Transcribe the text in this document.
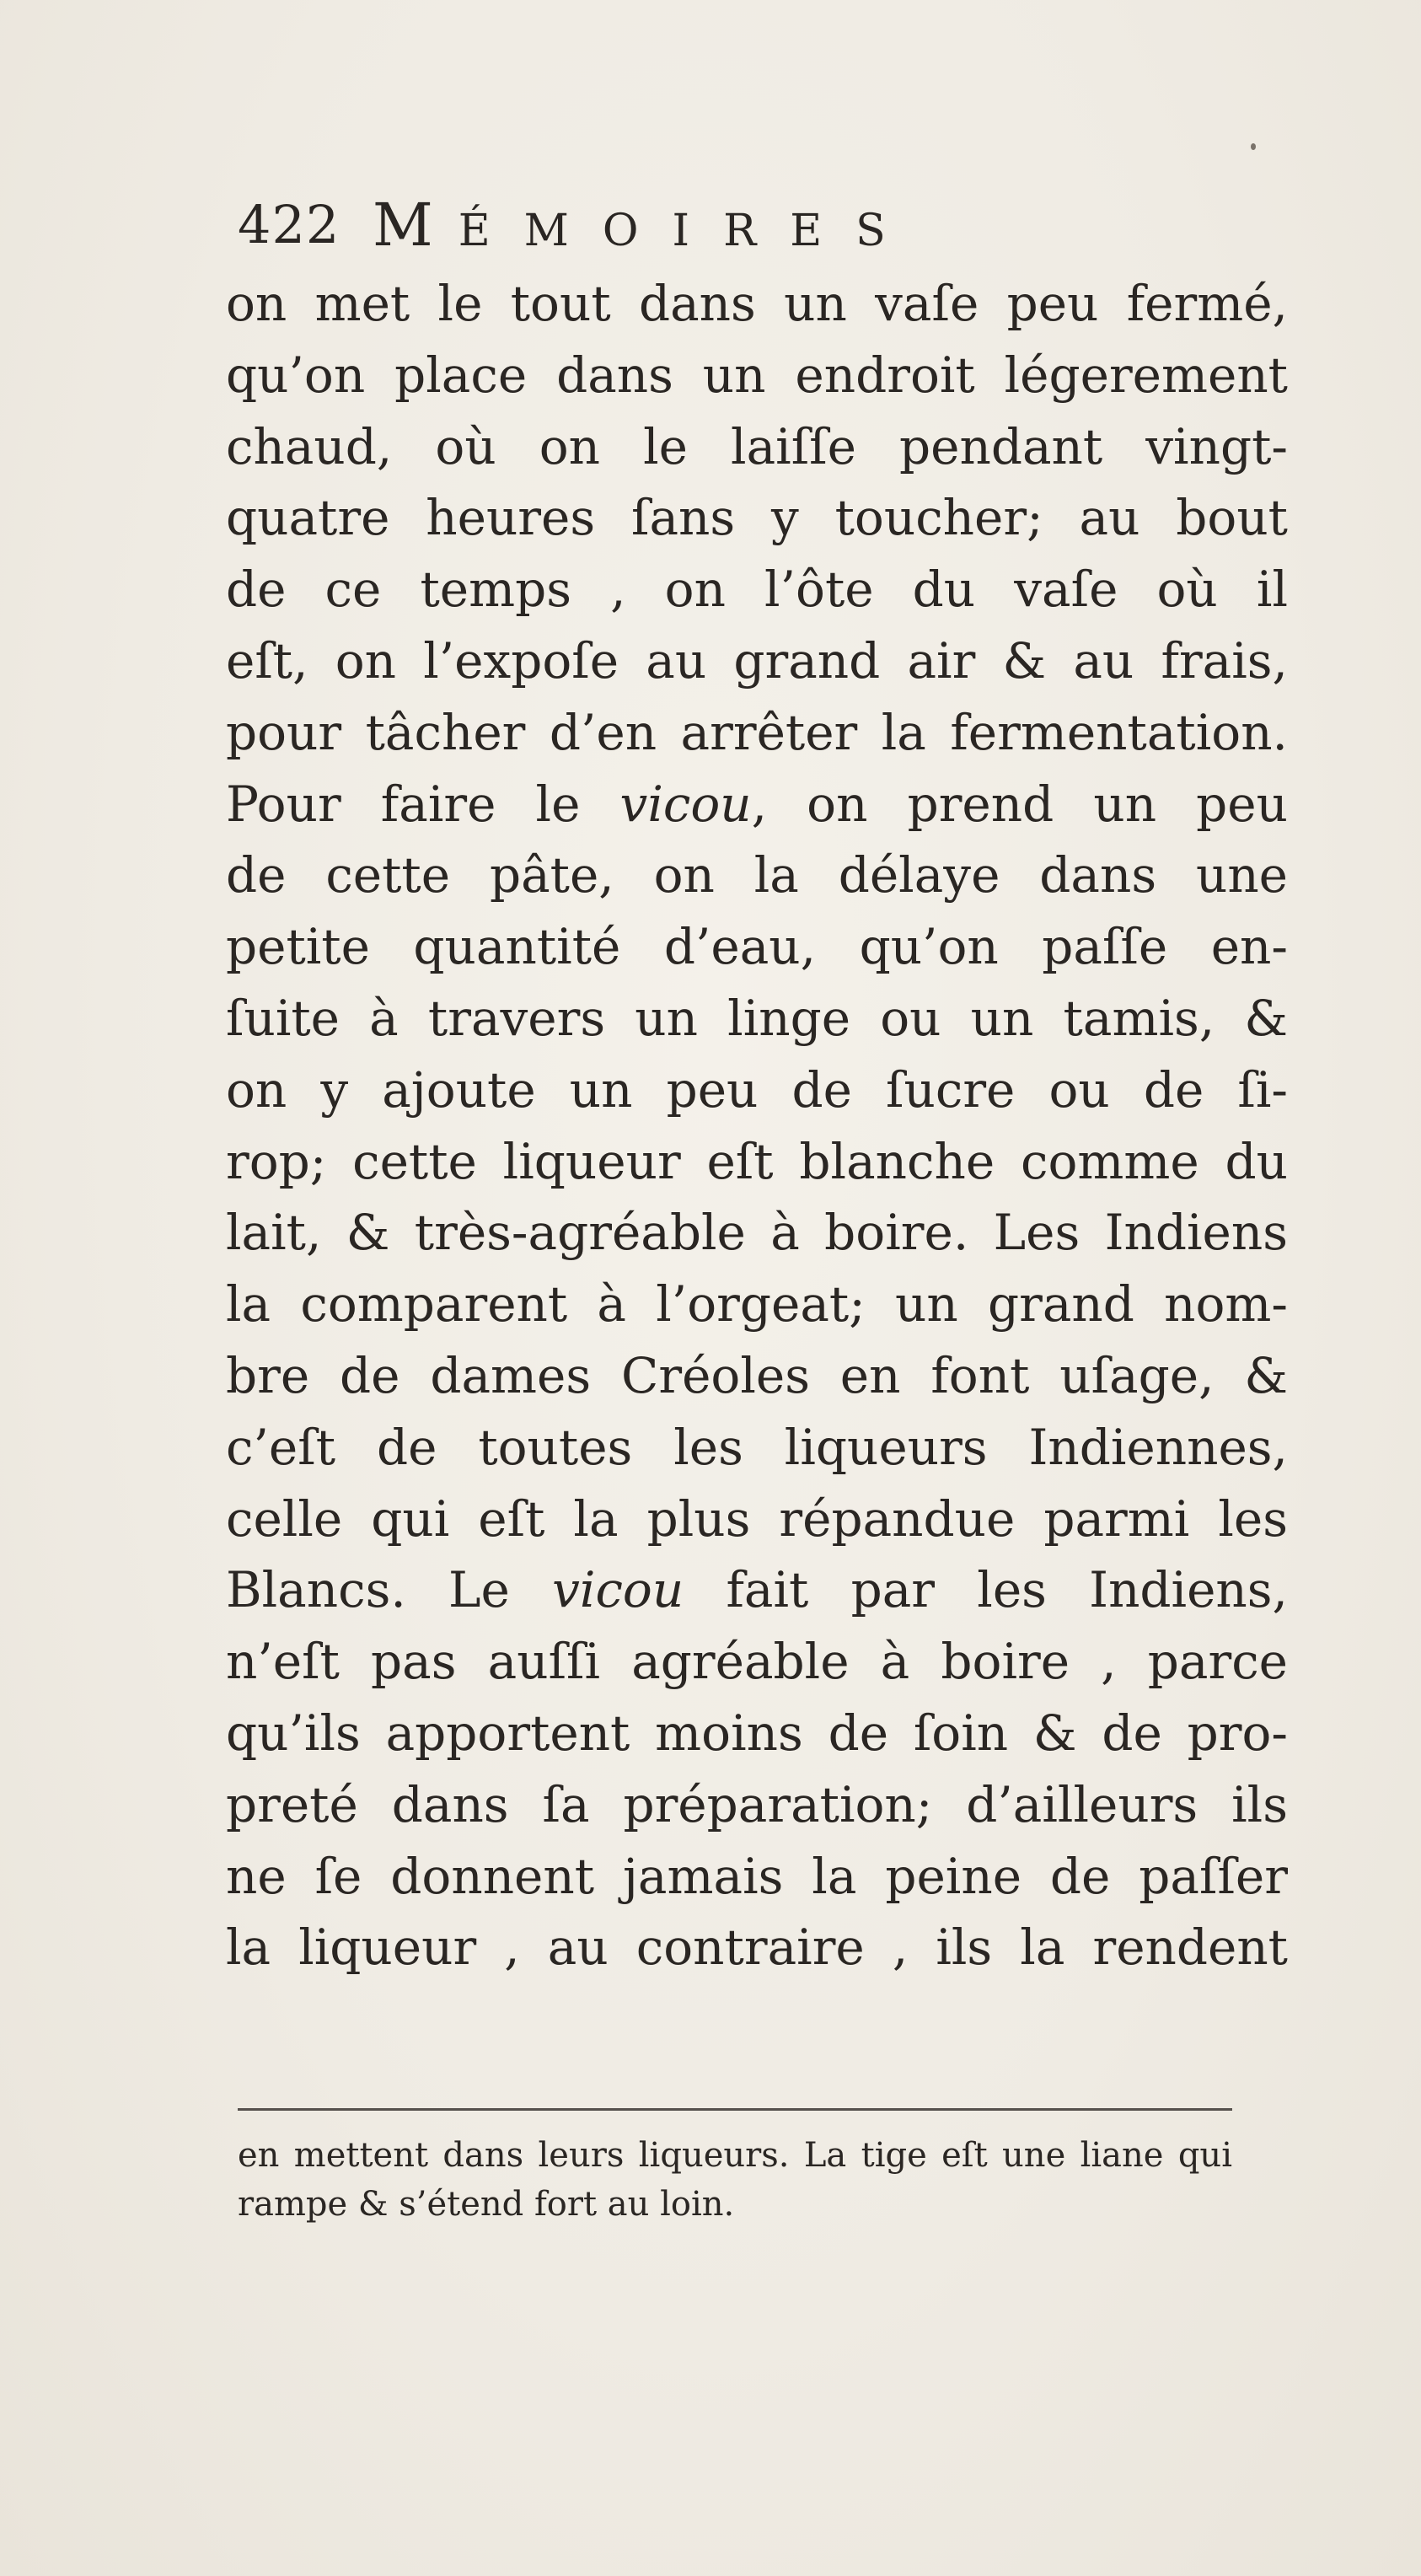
422 MÉMOIRES
on met le tout dans un vaſe peu fermé,
qu’on place dans un endroit légerement
chaud, où on le laiſſe pendant vingt-
quatre heures ſans y toucher; au bout
de ce temps , on l’ôte du vaſe où il
eſt, on l’expoſe au grand air & au frais,
pour tâcher d’en arrêter la fermentation.
Pour faire le vicou, on prend un peu
de cette pâte, on la délaye dans une
petite quantité d’eau, qu’on paſſe en-
ſuite à travers un linge ou un tamis, &
on y ajoute un peu de ſucre ou de ſi-
rop; cette liqueur eſt blanche comme du
lait, & très-agréable à boire. Les Indiens
la comparent à l’orgeat; un grand nom-
bre de dames Créoles en font uſage, &
c’eſt de toutes les liqueurs Indiennes,
celle qui eſt la plus répandue parmi les
Blancs. Le vicou fait par les Indiens,
n’eſt pas auſſi agréable à boire , parce
qu’ils apportent moins de ſoin & de pro-
preté dans ſa préparation; d’ailleurs ils
ne ſe donnent jamais la peine de paſſer
la liqueur , au contraire , ils la rendent
en mettent dans leurs liqueurs. La tige eſt une liane qui
rampe & s’étend fort au loin.
